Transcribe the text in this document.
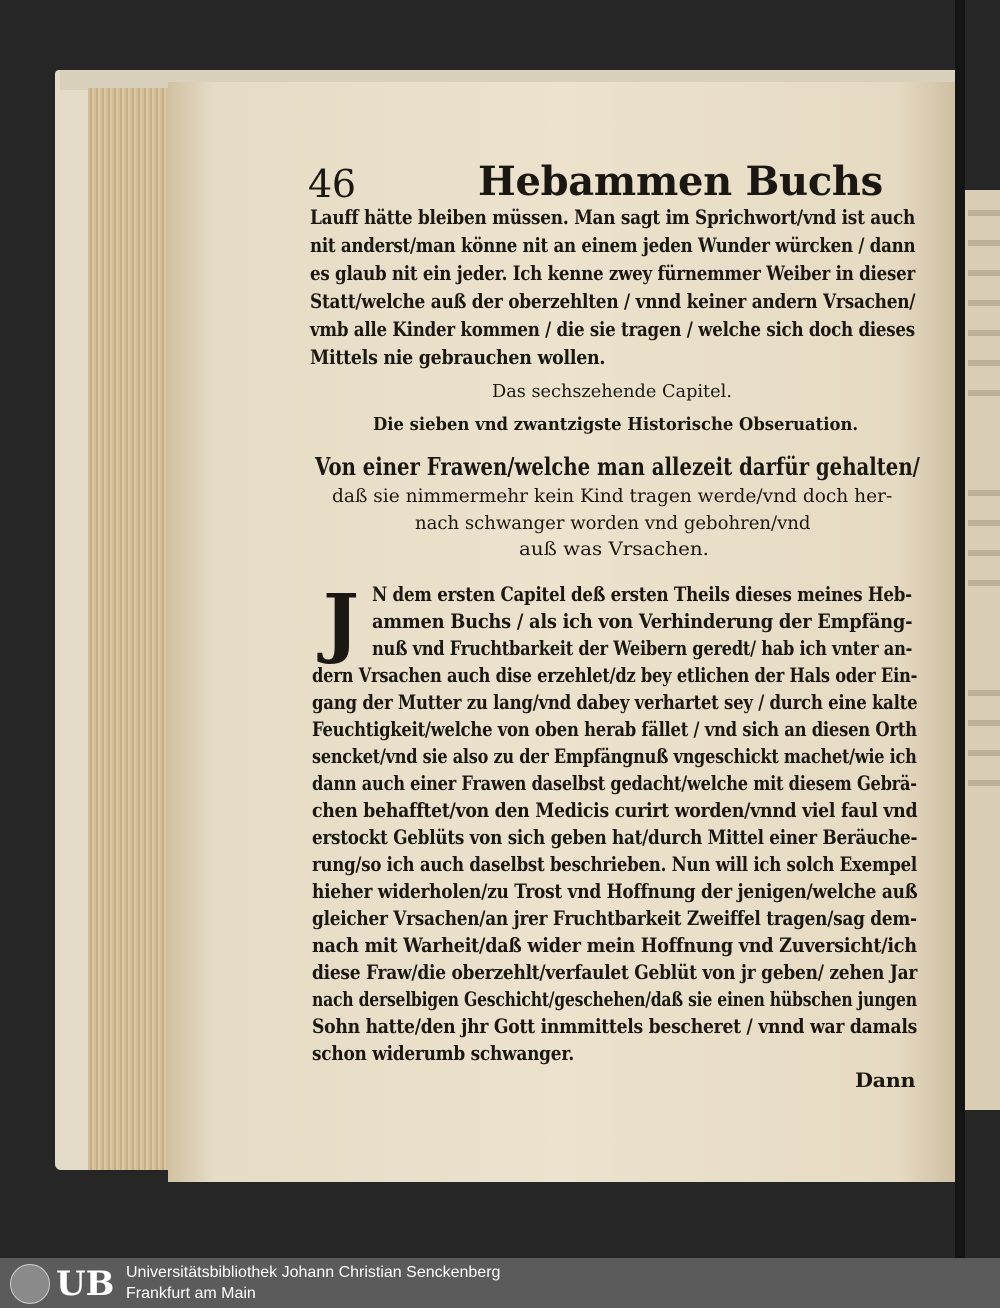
46	Hebammen Buchs
Lauff hätte bleiben müssen. Man sagt im Sprichwort/vnd ist auch
nit anderst/man könne nit an einem jeden Wunder würcken / dann
es glaub nit ein jeder. Ich kenne zwey fürnemmer Weiber in dieser
Statt/welche auß der oberzehlten / vnnd keiner andern Vrsachen/
vmb alle Kinder kommen / die sie tragen / welche sich doch dieses
Mittels nie gebrauchen wollen.
Das sechszehende Capitel.
Die sieben vnd zwantzigste Historische Obseruation.
Von einer Frawen/welche man allezeit darfür gehalten/
daß sie nimmermehr kein Kind tragen werde/vnd doch her-
nach schwanger worden vnd gebohren/vnd
auß was Vrsachen.
J N dem ersten Capitel deß ersten Theils dieses meines Heb-
ammen Buchs / als ich von Verhinderung der Empfäng-
nuß vnd Fruchtbarkeit der Weibern geredt/ hab ich vnter an-
dern Vrsachen auch dise erzehlet/dz bey etlichen der Hals oder Ein-
gang der Mutter zu lang/vnd dabey verhartet sey / durch eine kalte
Feuchtigkeit/welche von oben herab fället / vnd sich an diesen Orth
sencket/vnd sie also zu der Empfängnuß vngeschickt machet/wie ich
dann auch einer Frawen daselbst gedacht/welche mit diesem Gebrä-
chen behafftet/von den Medicis curirt worden/vnnd viel faul vnd
erstockt Geblüts von sich geben hat/durch Mittel einer Beräuche-
rung/so ich auch daselbst beschrieben. Nun will ich solch Exempel
hieher widerholen/zu Trost vnd Hoffnung der jenigen/welche auß
gleicher Vrsachen/an jrer Fruchtbarkeit Zweiffel tragen/sag dem-
nach mit Warheit/daß wider mein Hoffnung vnd Zuversicht/ich
diese Fraw/die oberzehlt/verfaulet Geblüt von jr geben/ zehen Jar
nach derselbigen Geschicht/geschehen/daß sie einen hübschen jungen
Sohn hatte/den jhr Gott inmmittels bescheret / vnnd war damals
schon widerumb schwanger.
Dann
UB Universitätsbibliothek Johann Christian Senckenberg
Frankfurt am Main
